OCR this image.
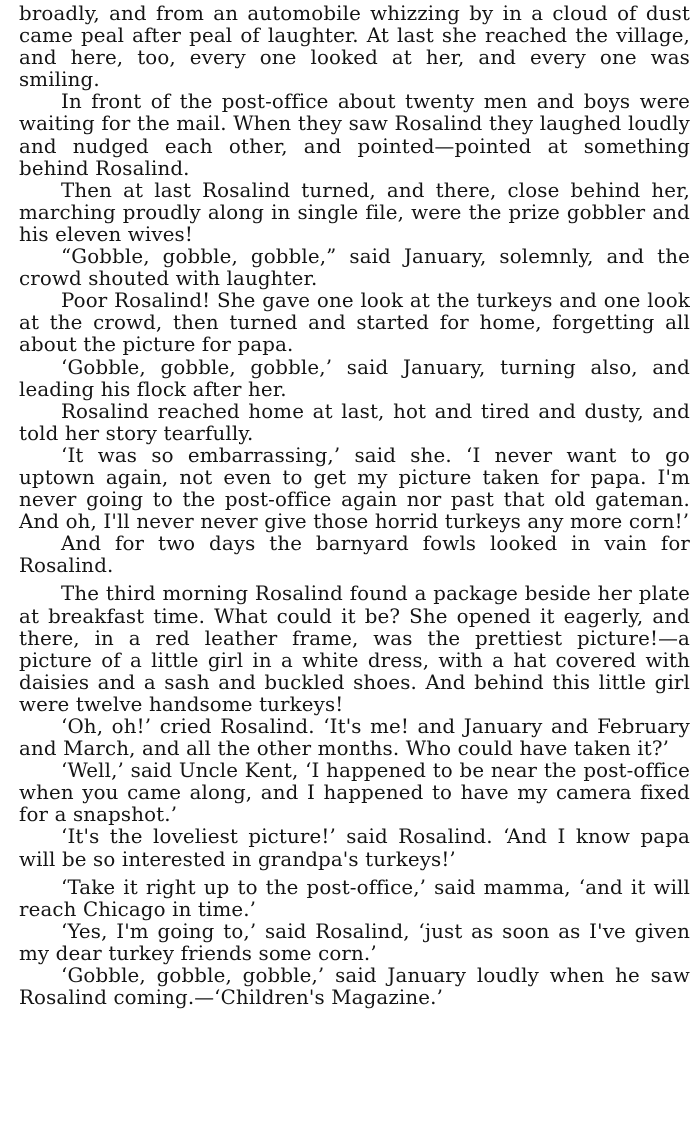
broadly, and from an automobile whizzing by in a cloud of dust came peal after peal of laughter. At last she reached the village, and here, too, every one looked at her, and every one was smiling.

In front of the post-office about twenty men and boys were waiting for the mail. When they saw Rosalind they laughed loudly and nudged each other, and pointed—pointed at something behind Rosalind.

Then at last Rosalind turned, and there, close behind her, marching proudly along in single file, were the prize gobbler and his eleven wives!

“Gobble, gobble, gobble,” said January, solemnly, and the crowd shouted with laughter.

Poor Rosalind! She gave one look at the turkeys and one look at the crowd, then turned and started for home, forgetting all about the picture for papa.

‘Gobble, gobble, gobble,’ said January, turning also, and leading his flock after her.

Rosalind reached home at last, hot and tired and dusty, and told her story tearfully.

‘It was so embarrassing,’ said she. ‘I never want to go uptown again, not even to get my picture taken for papa. I'm never going to the post-office again nor past that old gateman. And oh, I'll never never give those horrid turkeys any more corn!’

And for two days the barnyard fowls looked in vain for Rosalind.

The third morning Rosalind found a package beside her plate at breakfast time. What could it be? She opened it eagerly, and there, in a red leather frame, was the prettiest picture!—a picture of a little girl in a white dress, with a hat covered with daisies and a sash and buckled shoes. And behind this little girl were twelve handsome turkeys!

‘Oh, oh!’ cried Rosalind. ‘It's me! and January and February and March, and all the other months. Who could have taken it?’

‘Well,’ said Uncle Kent, ‘I happened to be near the post-office when you came along, and I happened to have my camera fixed for a snapshot.’

‘It's the loveliest picture!’ said Rosalind. ‘And I know papa will be so interested in grandpa's turkeys!’

‘Take it right up to the post-office,’ said mamma, ‘and it will reach Chicago in time.’

‘Yes, I'm going to,’ said Rosalind, ‘just as soon as I've given my dear turkey friends some corn.’

‘Gobble, gobble, gobble,’ said January loudly when he saw Rosalind coming.—‘Children's Magazine.’
